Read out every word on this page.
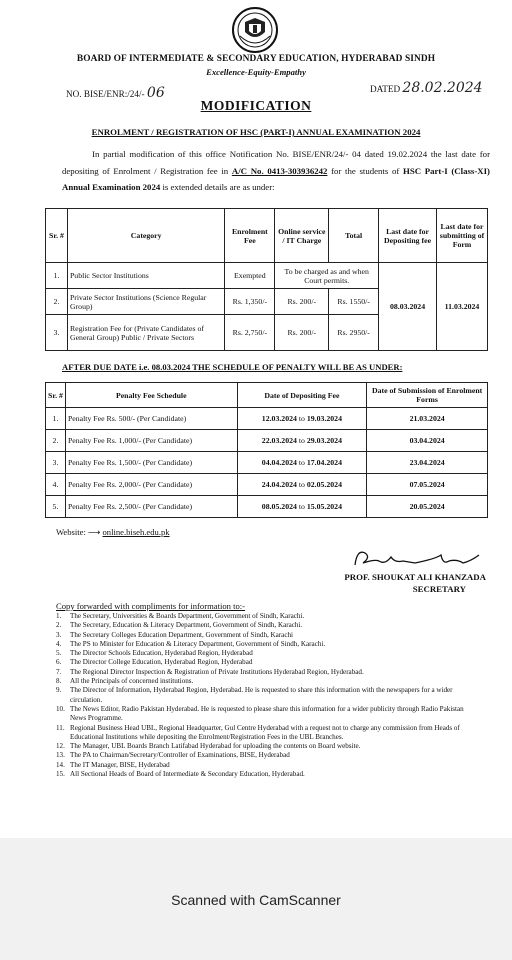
BOARD OF INTERMEDIATE & SECONDARY EDUCATION, HYDERABAD SINDH
Excellence-Equity-Empathy
NO. BISE/ENR:/24/- 06	DATED 28.02.2024
MODIFICATION
ENROLMENT / REGISTRATION OF HSC (PART-I) ANNUAL EXAMINATION 2024
In partial modification of this office Notification No. BISE/ENR/24/- 04 dated 19.02.2024 the last date for depositing of Enrolment / Registration fee in A/C No. 0413-303936242 for the students of HSC Part-I (Class-XI) Annual Examination 2024 is extended details are as under:
Sr. #	Category	Enrolment Fee	Online service / IT Charge	Total	Last date for Depositing fee	Last date for submitting of Form
1.	Public Sector Institutions	Exempted	To be charged as and when Court permits.		08.03.2024	11.03.2024
2.	Private Sector Institutions (Science Regular Group)	Rs. 1,350/-	Rs. 200/-	Rs. 1550/-		
3.	Registration Fee for (Private Candidates of General Group) Public / Private Sectors	Rs. 2,750/-	Rs. 200/-	Rs. 2950/-		
AFTER DUE DATE i.e. 08.03.2024 THE SCHEDULE OF PENALTY WILL BE AS UNDER:
Sr. #	Penalty Fee Schedule	Date of Depositing Fee	Date of Submission of Enrolment Forms
1.	Penalty Fee Rs. 500/- (Per Candidate)	12.03.2024 to 19.03.2024	21.03.2024
2.	Penalty Fee Rs. 1,000/- (Per Candidate)	22.03.2024 to 29.03.2024	03.04.2024
3.	Penalty Fee Rs. 1,500/- (Per Candidate)	04.04.2024 to 17.04.2024	23.04.2024
4.	Penalty Fee Rs. 2,000/- (Per Candidate)	24.04.2024 to 02.05.2024	07.05.2024
5.	Penalty Fee Rs. 2,500/- (Per Candidate)	08.05.2024 to 15.05.2024	20.05.2024
Website: ⟶ online.biseh.edu.pk
PROF. SHOUKAT ALI KHANZADA
SECRETARY
Copy forwarded with compliments for information to:-
1.	The Secretary, Universities & Boards Department, Government of Sindh, Karachi.
2.	The Secretary, Education & Literacy Department, Government of Sindh, Karachi.
3.	The Secretary Colleges Education Department, Government of Sindh, Karachi
4.	The PS to Minister for Education & Literacy Department, Government of Sindh, Karachi.
5.	The Director Schools Education, Hyderabad Region, Hyderabad
6.	The Director College Education, Hyderabad Region, Hyderabad
7.	The Regional Director Inspection & Registration of Private Institutions Hyderabad Region, Hyderabad.
8.	All the Principals of concerned institutions.
9.	The Director of Information, Hyderabad Region, Hyderabad. He is requested to share this information with the newspapers for a wider circulation.
10. The News Editor, Radio Pakistan Hyderabad. He is requested to please share this information for a wider publicity through Radio Pakistan News Programme.
11. Regional Business Head UBL, Regional Headquarter, Gul Centre Hyderabad with a request not to charge any commission from Heads of Educational Institutions while depositing the Enrolment/Registration Fees in the UBL Branches.
12. The Manager, UBL Boards Branch Latifabad Hyderabad for uploading the contents on Board website.
13. The PA to Chairman/Secretary/Controller of Examinations, BISE, Hyderabad
14. The IT Manager, BISE, Hyderabad
15. All Sectional Heads of Board of Intermediate & Secondary Education, Hyderabad.
Scanned with CamScanner
